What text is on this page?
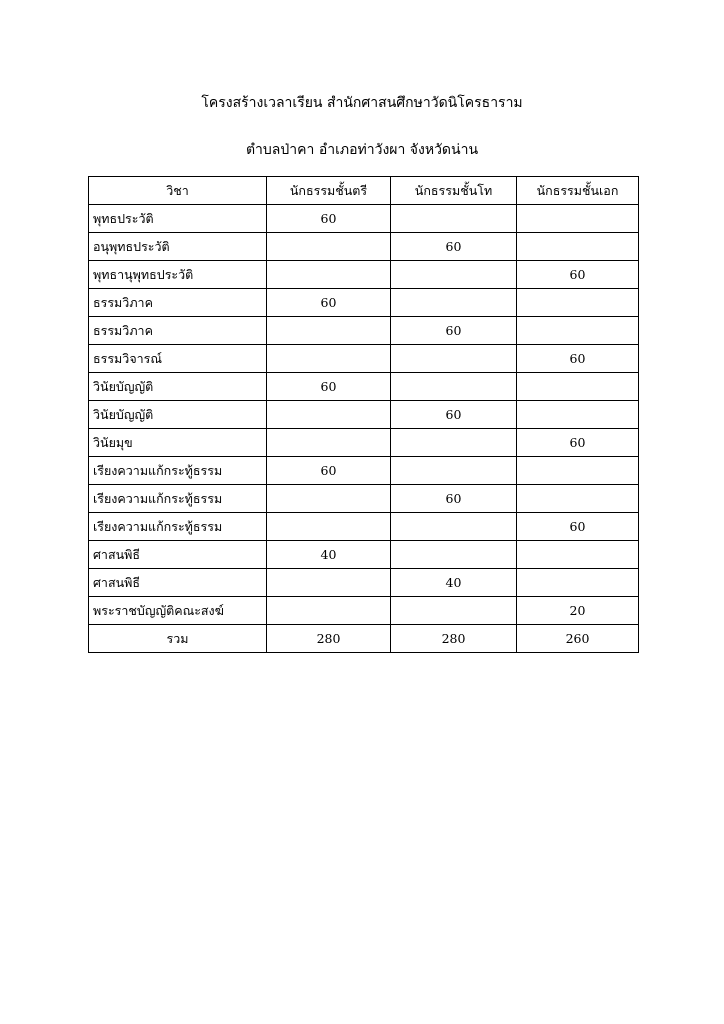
โครงสร้างเวลาเรียน สำนักศาสนศึกษาวัดนิโครธาราม
ตำบลป่าคา อำเภอท่าวังผา จังหวัดน่าน
วิชา	นักธรรมชั้นตรี	นักธรรมชั้นโท	นักธรรมชั้นเอก
พุทธประวัติ	60		
อนุพุทธประวัติ		60	
พุทธานุพุทธประวัติ			60
ธรรมวิภาค	60		
ธรรมวิภาค		60	
ธรรมวิจารณ์			60
วินัยบัญญัติ	60		
วินัยบัญญัติ		60	
วินัยมุข			60
เรียงความแก้กระทู้ธรรม	60		
เรียงความแก้กระทู้ธรรม		60	
เรียงความแก้กระทู้ธรรม			60
ศาสนพิธี	40		
ศาสนพิธี		40	
พระราชบัญญัติคณะสงฆ์			20
รวม	280	280	260
